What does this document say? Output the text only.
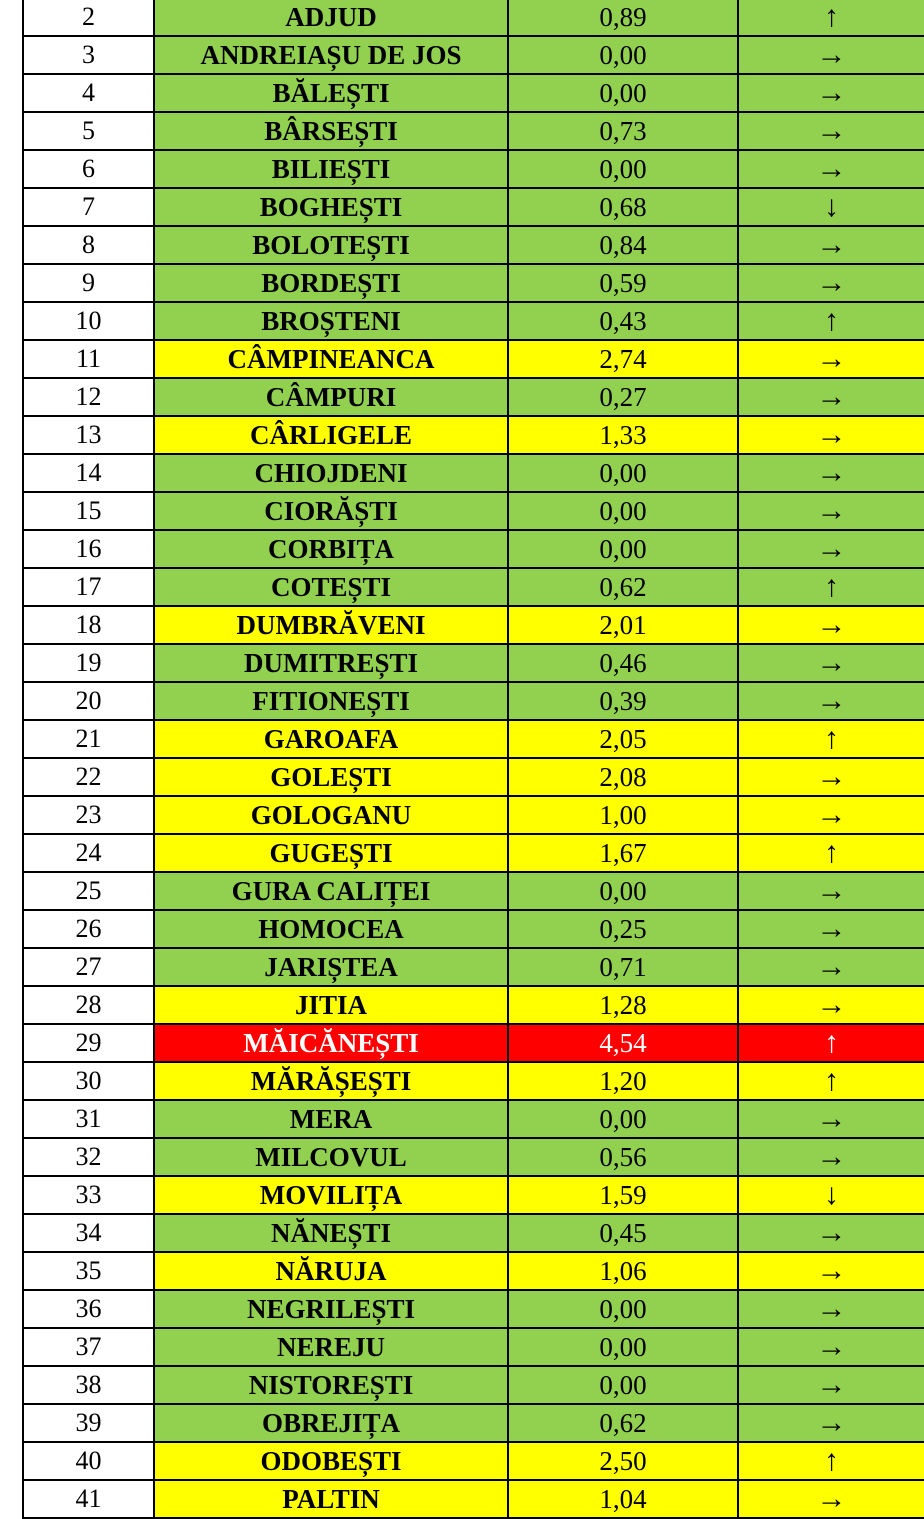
2	ADJUD	0,89	↑
3	ANDREIAȘU DE JOS	0,00	→
4	BĂLEȘTI	0,00	→
5	BÂRSEȘTI	0,73	→
6	BILIEȘTI	0,00	→
7	BOGHEȘTI	0,68	↓
8	BOLOTEȘTI	0,84	→
9	BORDEȘTI	0,59	→
10	BROȘTENI	0,43	↑
11	CÂMPINEANCA	2,74	→
12	CÂMPURI	0,27	→
13	CÂRLIGELE	1,33	→
14	CHIOJDENI	0,00	→
15	CIORĂȘTI	0,00	→
16	CORBIȚA	0,00	→
17	COTEȘTI	0,62	↑
18	DUMBRĂVENI	2,01	→
19	DUMITREȘTI	0,46	→
20	FITIONEȘTI	0,39	→
21	GAROAFA	2,05	↑
22	GOLEȘTI	2,08	→
23	GOLOGANU	1,00	→
24	GUGEȘTI	1,67	↑
25	GURA CALIȚEI	0,00	→
26	HOMOCEA	0,25	→
27	JARIȘTEA	0,71	→
28	JITIA	1,28	→
29	MĂICĂNEȘTI	4,54	↑
30	MĂRĂȘEȘTI	1,20	↑
31	MERA	0,00	→
32	MILCOVUL	0,56	→
33	MOVILIȚA	1,59	↓
34	NĂNEȘTI	0,45	→
35	NĂRUJA	1,06	→
36	NEGRILEȘTI	0,00	→
37	NEREJU	0,00	→
38	NISTOREȘTI	0,00	→
39	OBREJIȚA	0,62	→
40	ODOBEȘTI	2,50	↑
41	PALTIN	1,04	→
